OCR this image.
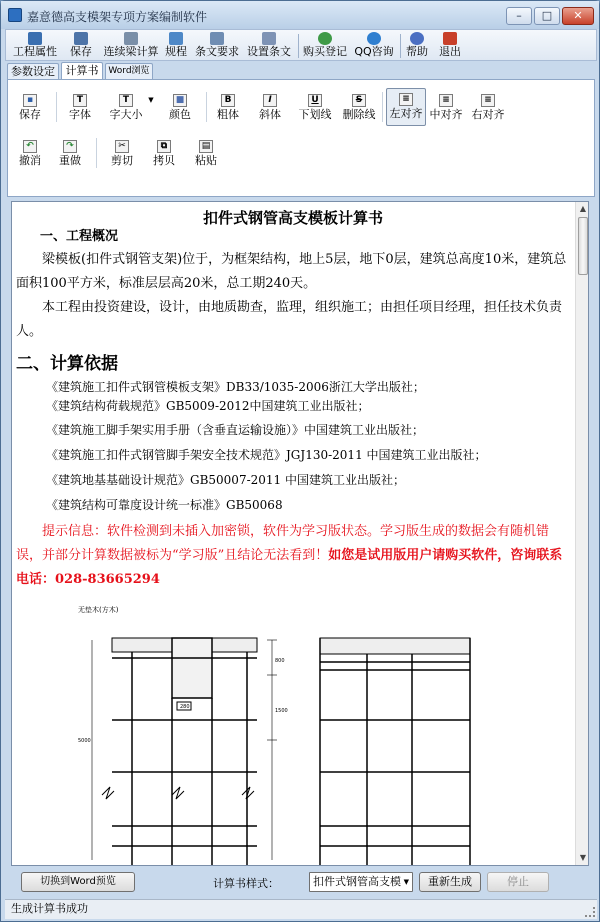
嘉意德高支模架专项方案编制软件	–	□	✕
工程属性	保存	连续梁计算 规程 条文要求 设置条文 购买登记 QQ咨询	帮助 退出
参数设定 计算书	Word浏览
▪
保存
T
字体
T
字大小
▼	■
颜色
B
粗体
I
斜体
U
下划线
S
删除线
≡
左对齐
≡
中对齐
≡
右对齐
↶
撤消
↷
重做
✂
剪切
⧉
拷贝
▤
粘贴
扣件式钢管高支模板计算书
一、工程概况
　　梁模板(扣件式钢管支架)位于，为框架结构，地上5层，地下0层，建筑总高度10米，建筑总面积100平方米，标准层层高20米，总工期240天。
　　本工程由投资建设，设计，由地质勘查，监理，组织施工；由担任项目经理，担任技术负责人。
二、计算依据
《建筑施工扣件式钢管模板支架》DB33/1035-2006浙江大学出版社；
《建筑结构荷载规范》GB5009-2012中国建筑工业出版社；
《建筑施工脚手架实用手册（含垂直运输设施）》中国建筑工业出版社；
《建筑施工扣件式钢管脚手架安全技术规范》JGJ130-2011 中国建筑工业出版社；
《建筑地基基础设计规范》GB50007-2011 中国建筑工业出版社；
《建筑结构可靠度设计统一标准》GB50068
　　提示信息：软件检测到未插入加密锁，软件为学习版状态。学习版生成的数据会有随机错误，并部分计算数据被标为“学习版”且结论无法看到！如您是试用版用户请购买软件，咨询联系电话：028-83665294
无垫木(方木)
280
800
1500
5000
▲
▼
切换到Word预览	计算书样式：	扣件式钢管高支模 ▼	重新生成	停止
生成计算书成功
